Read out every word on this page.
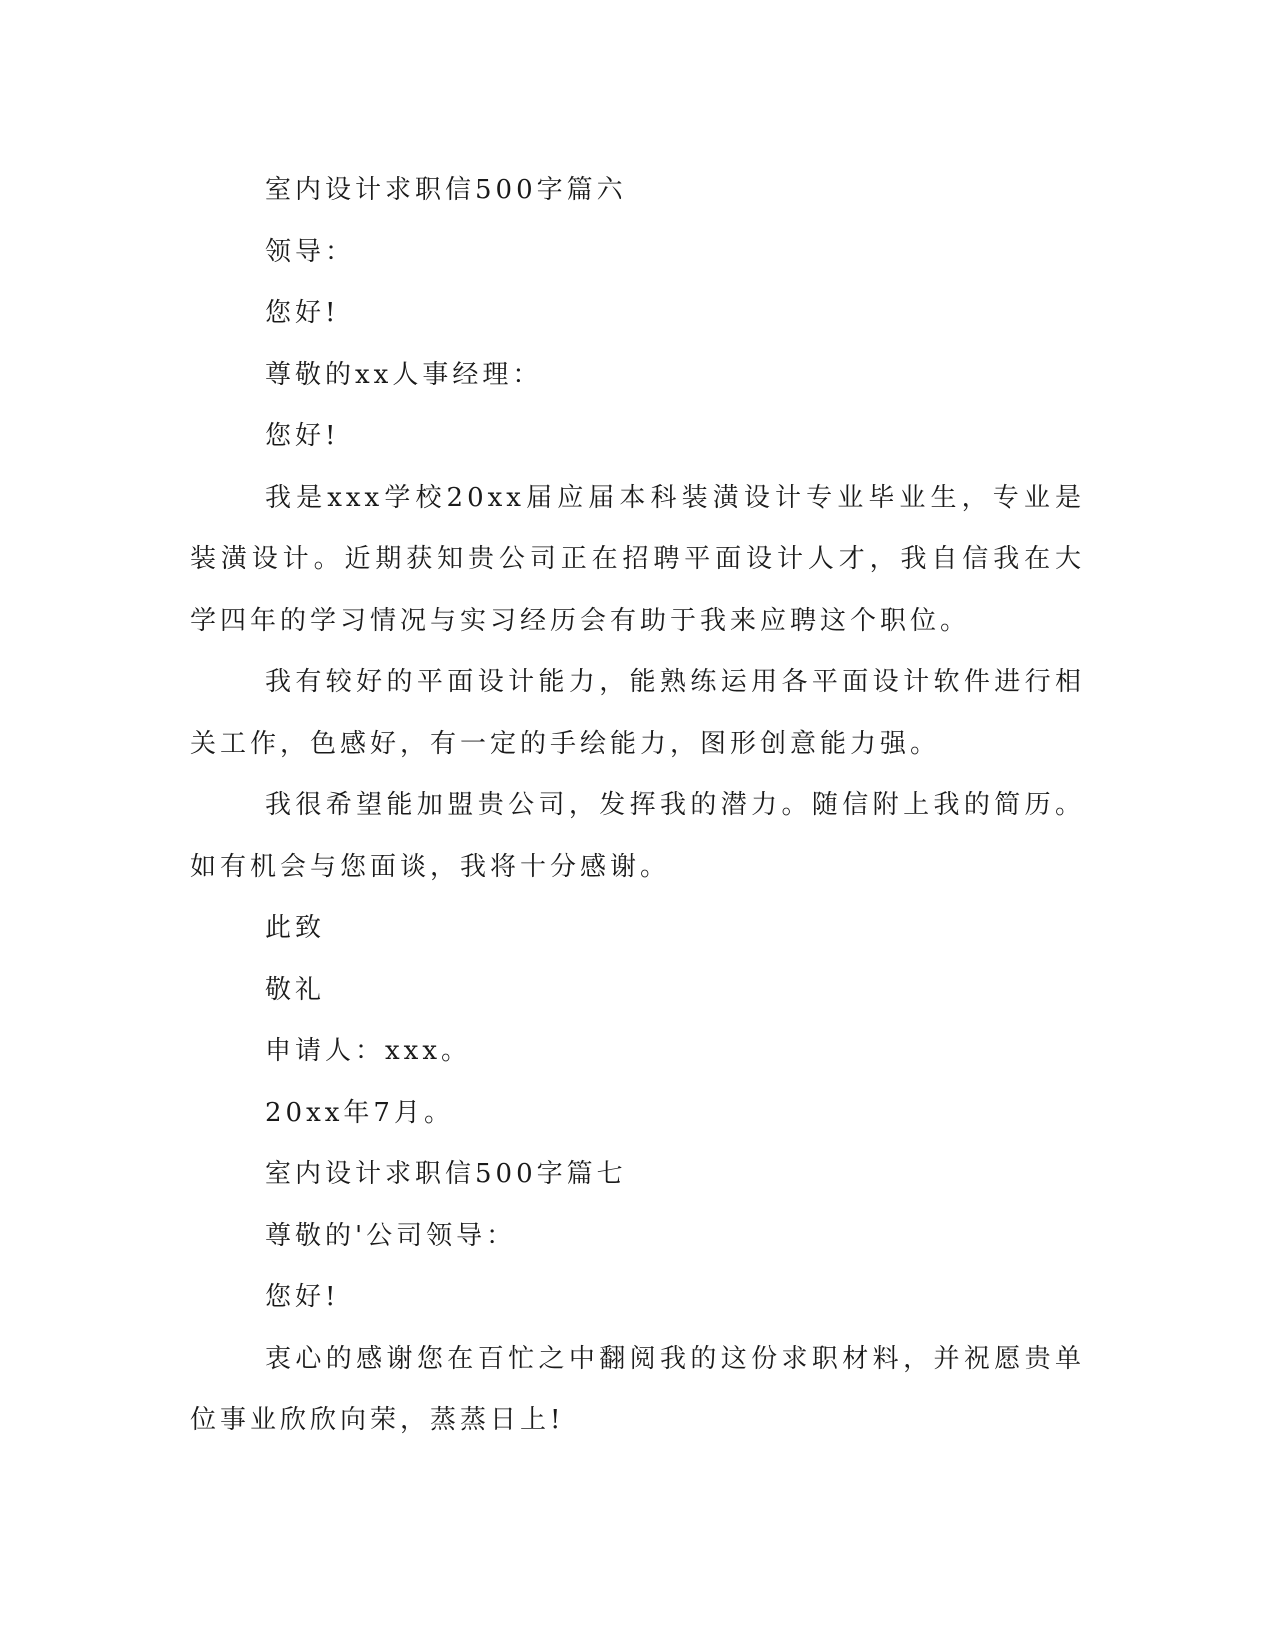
室内设计求职信500字篇六

领导：

您好!

尊敬的xx人事经理：

您好!

我是xxx学校20xx届应届本科装潢设计专业毕业生，专业是装潢设计。近期获知贵公司正在招聘平面设计人才，我自信我在大学四年的学习情况与实习经历会有助于我来应聘这个职位。

我有较好的平面设计能力，能熟练运用各平面设计软件进行相关工作，色感好，有一定的手绘能力，图形创意能力强。

我很希望能加盟贵公司，发挥我的潜力。随信附上我的简历。如有机会与您面谈，我将十分感谢。

此致

敬礼

申请人：xxx。

20xx年7月。

室内设计求职信500字篇七

尊敬的'公司领导：

您好!

衷心的感谢您在百忙之中翻阅我的这份求职材料，并祝愿贵单位事业欣欣向荣，蒸蒸日上!
